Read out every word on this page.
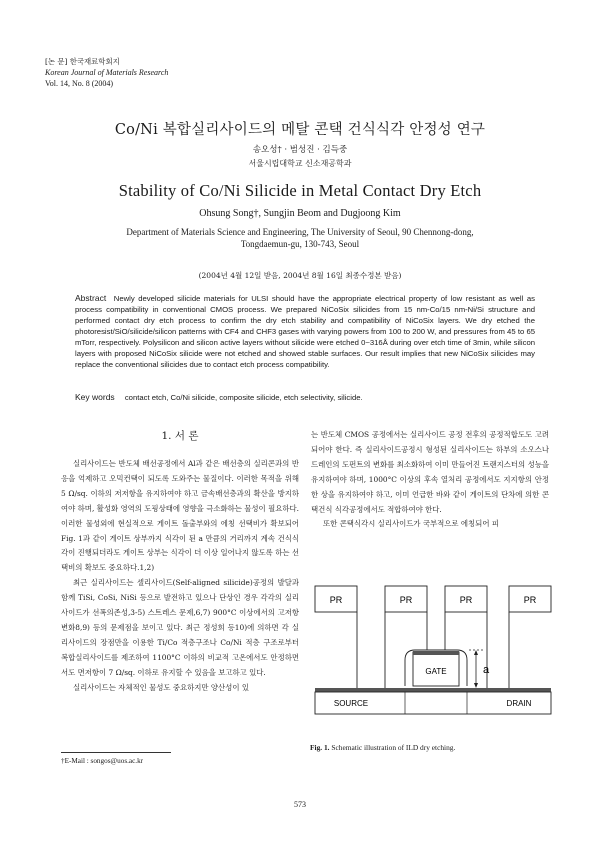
[논 문] 한국재료학회지
Korean Journal of Materials Research
Vol. 14, No. 8 (2004)
Co/Ni 복합실리사이드의 메탈 콘택 건식식각 안정성 연구
송오성† · 범성진 · 김득중
서울시립대학교 신소재공학과
Stability of Co/Ni Silicide in Metal Contact Dry Etch
Ohsung Song†, Sungjin Beom and Dugjoong Kim
Department of Materials Science and Engineering, The University of Seoul, 90 Chennong-dong,
Tongdaemun-gu, 130-743, Seoul
(2004년 4월 12일 받음, 2004년 8월 16일 최종수정본 받음)
Abstract Newly developed silicide materials for ULSI should have the appropriate electrical property of low resistant as well as process compatibility in conventional CMOS process. We prepared NiCoSix silicides from 15 nm-Co/15 nm-Ni/Si structure and performed contact dry etch process to confirm the dry etch stability and compatibility of NiCoSix layers. We dry etched the photoresist/SiO/silicide/silicon patterns with CF4 and CHF3 gases with varying powers from 100 to 200 W, and pressures from 45 to 65 mTorr, respectively. Polysilicon and silicon active layers without silicide were etched 0~316Å during over etch time of 3min, while silicon layers with proposed NiCoSix silicide were not etched and showed stable surfaces. Our result implies that new NiCoSix silicides may replace the conventional silicides due to contact etch process compatibility.
Key words contact etch, Co/Ni silicide, composite silicide, etch selectivity, silicide.
1. 서 론

실리사이드는 반도체 배선공정에서 Al과 같은 배선층의 실리콘과의 반응을 억제하고 오믹컨택이 되도록 도와주는 물질이다. 이러한 목적을 위해 5 Ω/sq. 이하의 저저항을 유지하여야 하고 금속배선층과의 확산을 방지하여야 하며, 활성화 영역의 도핑상태에 영향을 극소화하는 물성이 필요하다. 이러한 물성외에 현실적으로 게이트 돌출부와의 에칭 선택비가 확보되어 Fig. 1과 같이 게이트 상부까지 식각이 된 a 만큼의 거리까지 계속 건식식각이 진행되더라도 게이트 상부는 식각이 더 이상 일어나지 않도록 하는 선택비의 확보도 중요하다.1,2)

최근 실리사이드는 셀리사이드(Self-aligned silicide)공정의 발달과 함께 TiSi, CoSi, NiSi 등으로 발전하고 있으나 단상인 경우 각각의 실리사이드가 선폭의존성,3-5) 스트레스 문제,6,7) 900°C 이상에서의 고저항 변화8,9) 등의 문제점을 보이고 있다. 최근 정성희 등10)에 의하면 각 실리사이드의 장점만을 이용한 Ti/Co 적층구조나 Co/Ni 적층 구조로부터 복합실리사이드를 제조하여 1100°C 이하의 비교적 고온에서도 안정하면서도 면저항이 7 Ω/sq. 이하로 유지할 수 있음을 보고하고 있다.

실리사이드는 자체적인 물성도 중요하지만 양산성이 있

는 반도체 CMOS 공정에서는 실리사이드 공정 전후의 공정적합도도 고려되어야 한다. 즉 실리사이드공정시 형성된 실리사이드는 하부의 소오스나 드레인의 도펀트의 변화를 최소화하여 이미 만들어진 트랜지스터의 성능을 유지하여야 하며, 1000°C 이상의 후속 열처리 공정에서도 지지항의 안정한 상을 유지하여야 하고, 이미 언급한 바와 같이 게이트의 단차에 의한 콘택건식 식각공정에서도 적합하여야 한다.

또한 콘택식각시 실리사이드가 국부적으로 에칭되어 피

PR	PR	PR	PR
GATE	a
SOURCE	DRAIN
Fig. 1. Schematic illustration of ILD dry etching.
†E-Mail : songos@uos.ac.kr
573
